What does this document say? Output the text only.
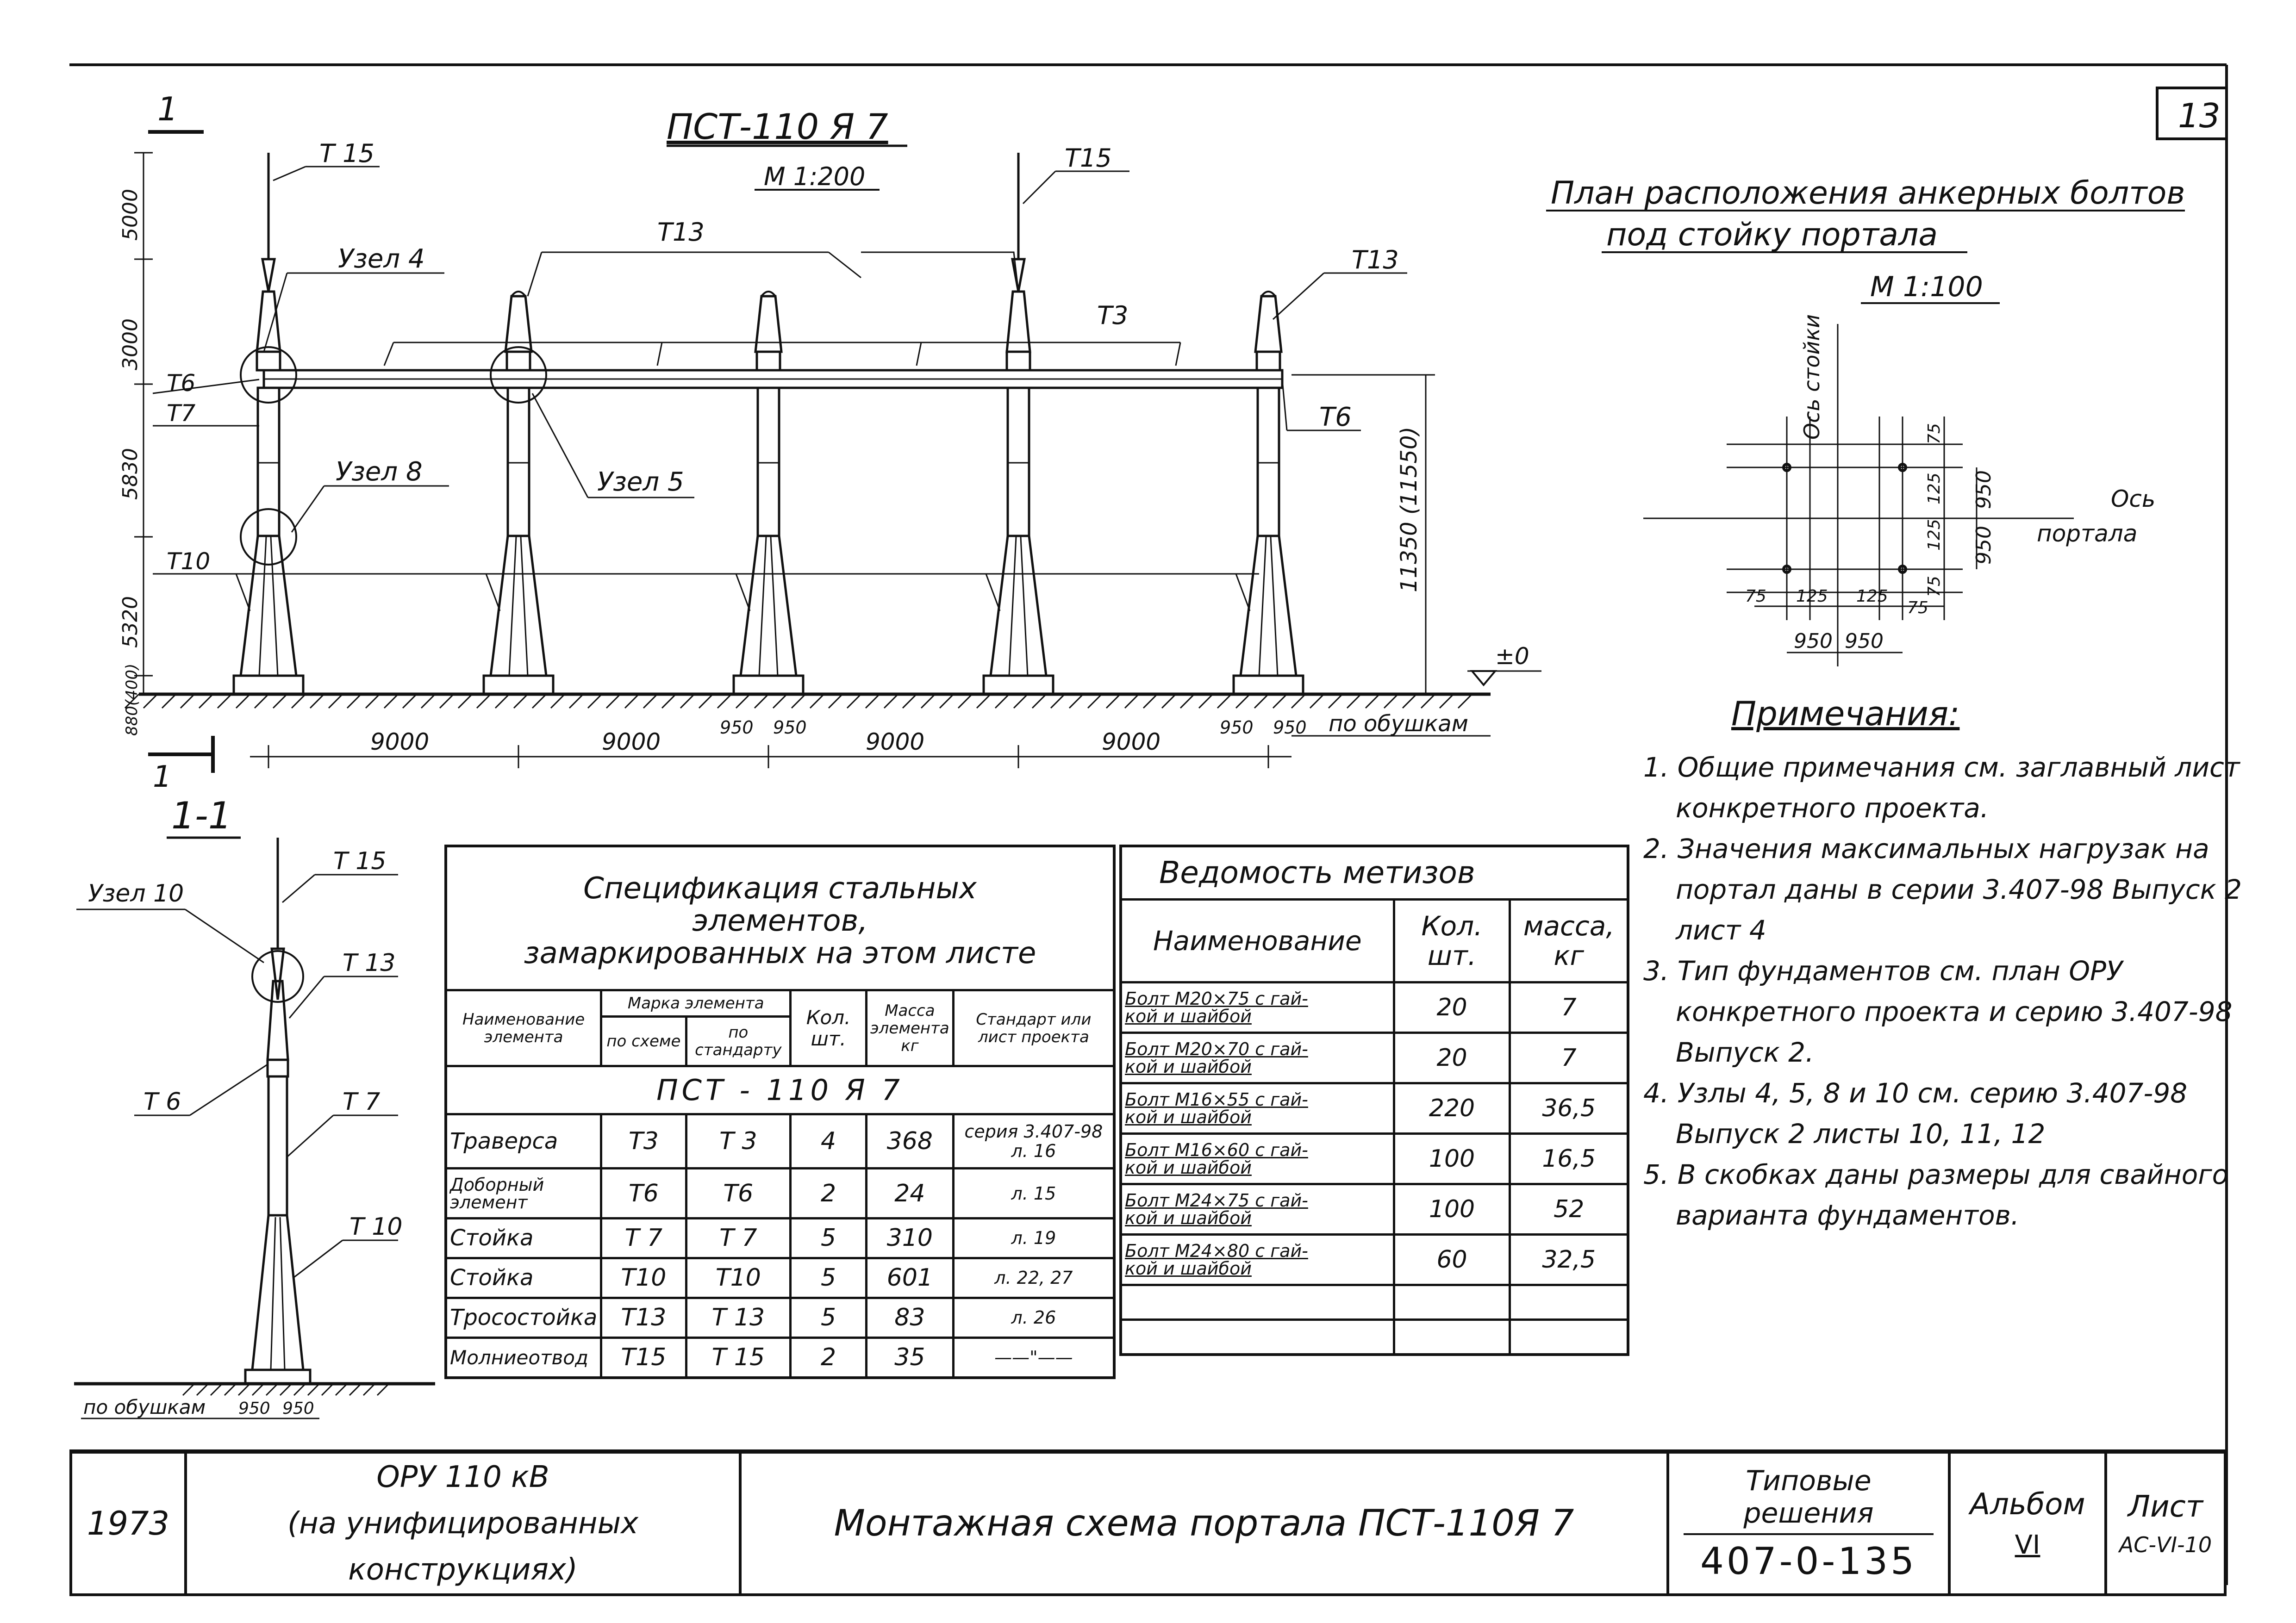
13
1	ПСТ-110 Я 7
М 1:200
Т 15	Т15
Т13
Т13
Т3
Узел 4
Т6
Т7	Т6
Узел 8	Узел 5
Т10
5000
3000
5830
5320
880(400)
11350 (11550)
±0
9000	9000	9000	9000
950 950	950 950 по обушкам
1
1-1
Узел 10
Т 15
Т 13
Т 6	Т 7
Т 10
по обушкам 950 950
План расположения анкерных болтов
под стойку портала
М 1:100
Ось стойки
Ось
портала
75 125 125
75
950 950
75
125
125
75
950
950
Примечания:
1. Общие примечания см. заглавный лист конкретного проекта.
2. Значения максимальных нагрузак на портал даны в серии 3.407-98 Выпуск 2 лист 4
3. Тип фундаментов см. план ОРУ конкретного проекта и серию 3.407-98 Выпуск 2.
4. Узлы 4, 5, 8 и 10 см. серию 3.407-98 Выпуск 2 листы 10, 11, 12
5. В скобках даны размеры для свайного варианта фундаментов.
Спецификация стальных
элементов,
замаркированных на этом листе					

Наименование элемента	Марка элемента		Кол. шт.	Масса элемента кг	Стандарт или лист проекта
	по схеме	по стандарту			
ПСТ - 110 Я 7					
Траверса	Т3	Т 3	4	368	серия 3.407-98 л. 16
Доборный элемент	Т6	Т6	2	24	л. 15
Стойка	Т 7	Т 7	5	310	л. 19
Стойка	Т10	Т10	5	601	л. 22, 27
Тросостойка	Т13	Т 13	5	83	л. 26
Молниеотвод	Т15	Т 15	2	35	——"——
Ведомость метизов		
Наименование	Кол. шт.	масса, кг

Болт М20×75 с гай-
кой и шайбой	20	7

Болт М20×70 с гай-
кой и шайбой	20	7

Болт М16×55 с гай-
кой и шайбой	220	36,5

Болт М16×60 с гай-
кой и шайбой	100	16,5

Болт М24×75 с гай-
кой и шайбой	100	52

Болт М24×80 с гай-
кой и шайбой	60	32,5

1973	
ОРУ 110 кВ
(на унифицированных конструкциях)
	Монтажная схема портала ПСТ-110Я 7	
Типовые решения
407-0-135

Альбом
VI	
Лист
АС-VI-10
